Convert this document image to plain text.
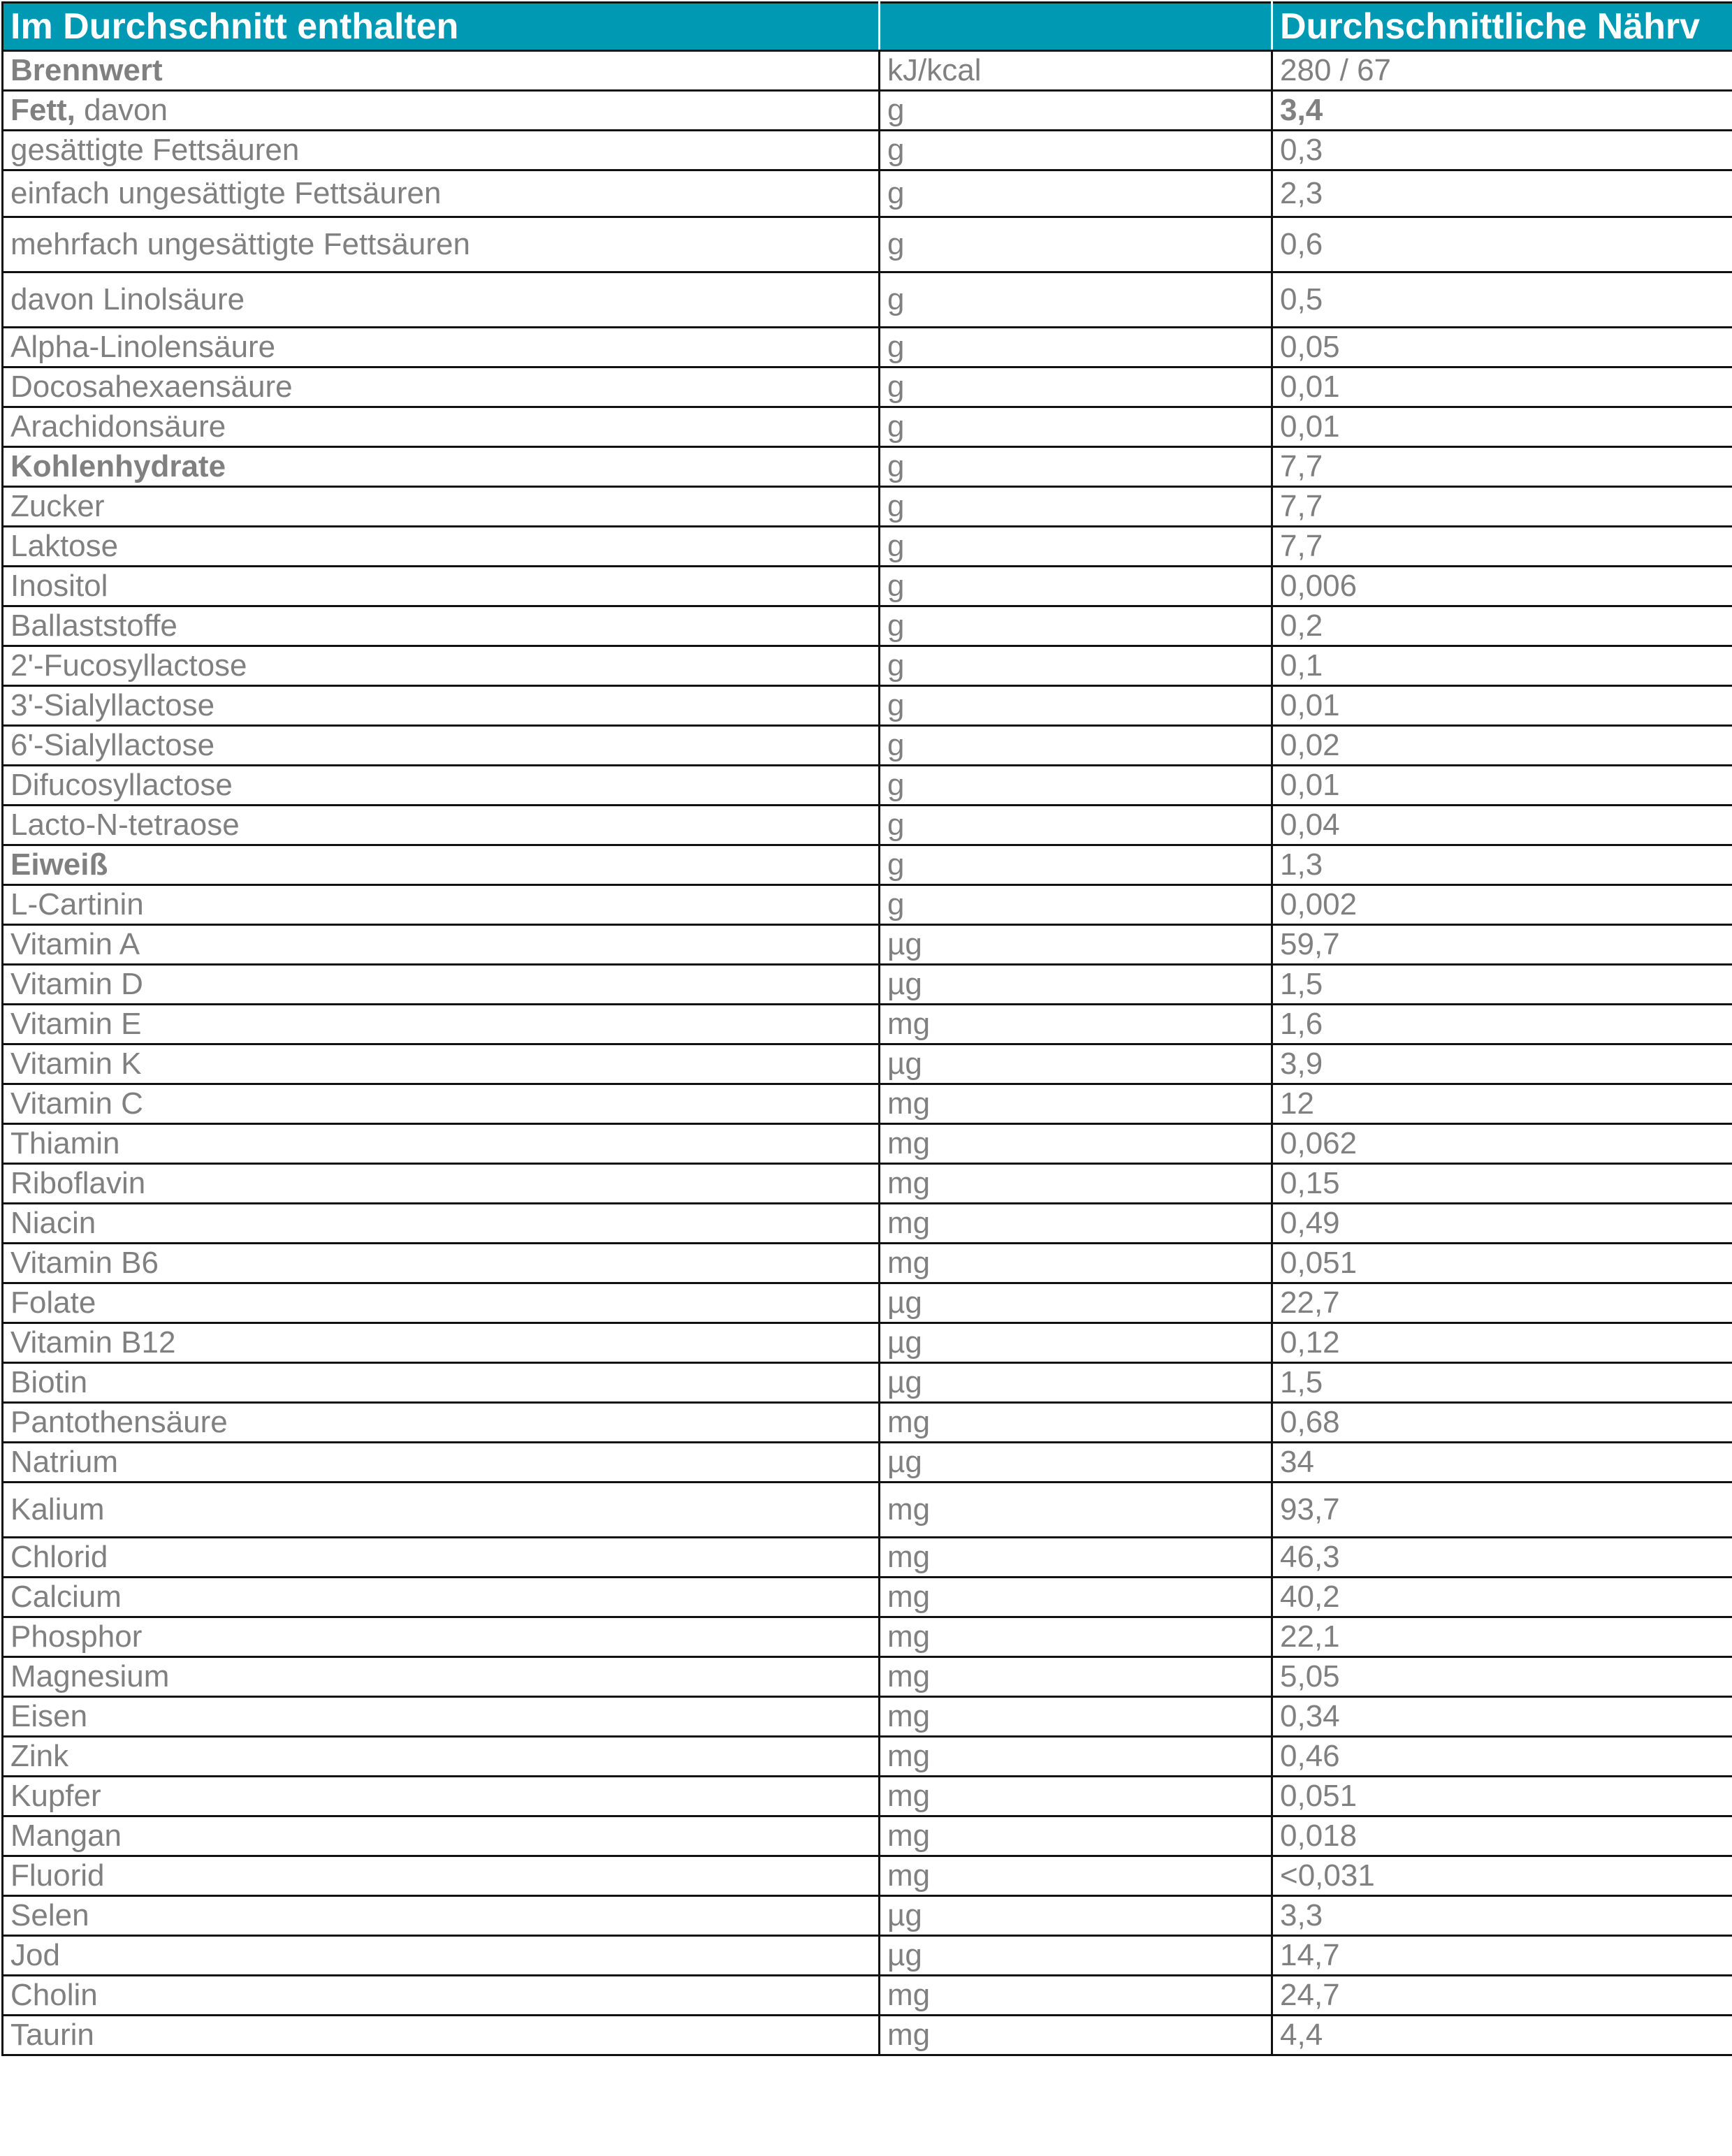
Im Durchschnitt enthalten		Durchschnittliche Nährv
Brennwert	kJ/kcal	280 / 67
Fett, davon	g	3,4
gesättigte Fettsäuren	g	0,3
einfach ungesättigte Fettsäuren	g	2,3
mehrfach ungesättigte Fettsäuren	g	0,6
davon Linolsäure	g	0,5
Alpha-Linolensäure	g	0,05
Docosahexaensäure	g	0,01
Arachidonsäure	g	0,01
Kohlenhydrate	g	7,7
Zucker	g	7,7
Laktose	g	7,7
Inositol	g	0,006
Ballaststoffe	g	0,2
2'-Fucosyllactose	g	0,1
3'-Sialyllactose	g	0,01
6'-Sialyllactose	g	0,02
Difucosyllactose	g	0,01
Lacto-N-tetraose	g	0,04
Eiweiß	g	1,3
L-Cartinin	g	0,002
Vitamin A	µg	59,7
Vitamin D	µg	1,5
Vitamin E	mg	1,6
Vitamin K	µg	3,9
Vitamin C	mg	12
Thiamin	mg	0,062
Riboflavin	mg	0,15
Niacin	mg	0,49
Vitamin B6	mg	0,051
Folate	µg	22,7
Vitamin B12	µg	0,12
Biotin	µg	1,5
Pantothensäure	mg	0,68
Natrium	µg	34
Kalium	mg	93,7
Chlorid	mg	46,3
Calcium	mg	40,2
Phosphor	mg	22,1
Magnesium	mg	5,05
Eisen	mg	0,34
Zink	mg	0,46
Kupfer	mg	0,051
Mangan	mg	0,018
Fluorid	mg	<0,031
Selen	µg	3,3
Jod	µg	14,7
Cholin	mg	24,7
Taurin	mg	4,4
